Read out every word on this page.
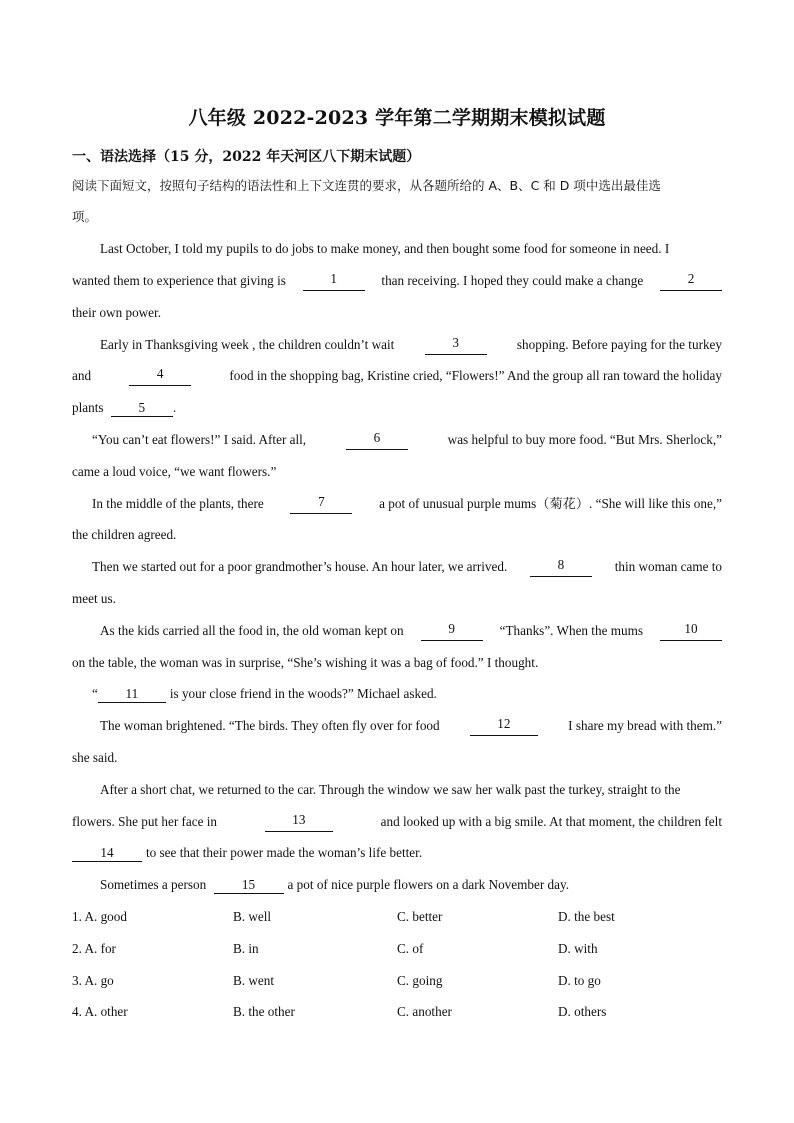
八年级 2022-2023 学年第二学期期末模拟试题
一、语法选择（15 分，2022 年天河区八下期末试题）
阅读下面短文，按照句子结构的语法性和上下文连贯的要求，从各题所给的 A、B、C 和 D 项中选出最佳选
项。
Last October, I told my pupils to do jobs to make money, and then bought some food for someone in need. I
wanted them to experience that giving is	1	than receiving. I hoped they could make a change	2
their own power.
Early in Thanksgiving week , the children couldn’t wait	3	shopping. Before paying for the turkey
and	4	food in the shopping bag, Kristine cried, “Flowers!” And the group all ran toward the holiday
plants	5 .
“You can’t eat flowers!” I said. After all,	6	was helpful to buy more food. “But Mrs. Sherlock,”
came a loud voice, “we want flowers.”
In the middle of the plants, there	7	a pot of unusual purple mums（菊花）. “She will like this one,”
the children agreed.
Then we started out for a poor grandmother’s house. An hour later, we arrived.	8	thin woman came to
meet us.
As the kids carried all the food in, the old woman kept on	9	“Thanks”. When the mums	10
on the table, the woman was in surprise, “She’s wishing it was a bag of food.” I thought.
“ 11 is your close friend in the woods?” Michael asked.
The woman brightened. “The birds. They often fly over for food	12	I share my bread with them.”
she said.
After a short chat, we returned to the car. Through the window we saw her walk past the turkey, straight to the
flowers. She put her face in	13	and looked up with a big smile. At that moment, the children felt
14 to see that their power made the woman’s life better.
Sometimes a person	15 a pot of nice purple flowers on a dark November day.
1. A. good	B. well	C. better	D. the best
2. A. for	B. in	C. of	D. with
3. A. go	B. went	C. going	D. to go
4. A. other	B. the other	C. another	D. others
